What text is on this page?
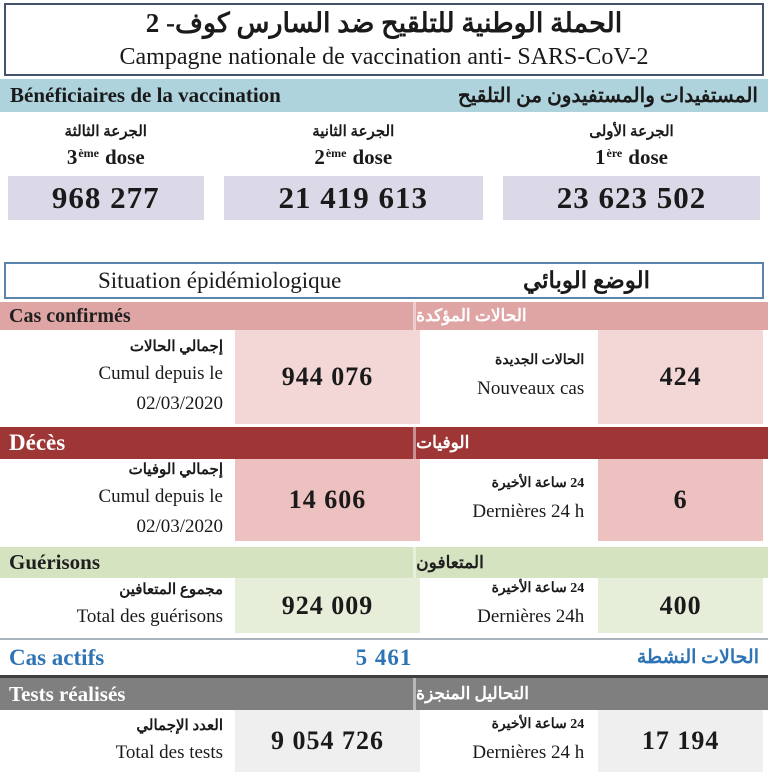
الحملة الوطنية للتلقيح ضد السارس كوف- 2
Campagne nationale de vaccination anti- SARS-CoV-2
Bénéficiaires de la vaccination	المستفيدات والمستفيدون من التلقيح
الجرعة الثالثة
3ème dose
968 277
الجرعة الثانية
2ème dose
21 419 613
الجرعة الأولى
1ère dose
23 623 502
Situation épidémiologique	الوضع الوبائي
Cas confirmés	الحالات المؤكدة
إجمالي الحالات
Cumul depuis le
02/03/2020
944 076
الحالات الجديدة
Nouveaux cas	424
Décès	الوفيات
إجمالي الوفيات
Cumul depuis le
02/03/2020
14 606
24 ساعة الأخيرة
Dernières 24 h	6
Guérisons	المتعافون
مجموع المتعافين
Total des guérisons	924 009
24 ساعة الأخيرة
Dernières 24h	400
Cas actifs	5 461	الحالات النشطة
Tests réalisés	التحاليل المنجزة
العدد الإجمالي
Total des tests	9 054 726
24 ساعة الأخيرة
Dernières 24 h	17 194
